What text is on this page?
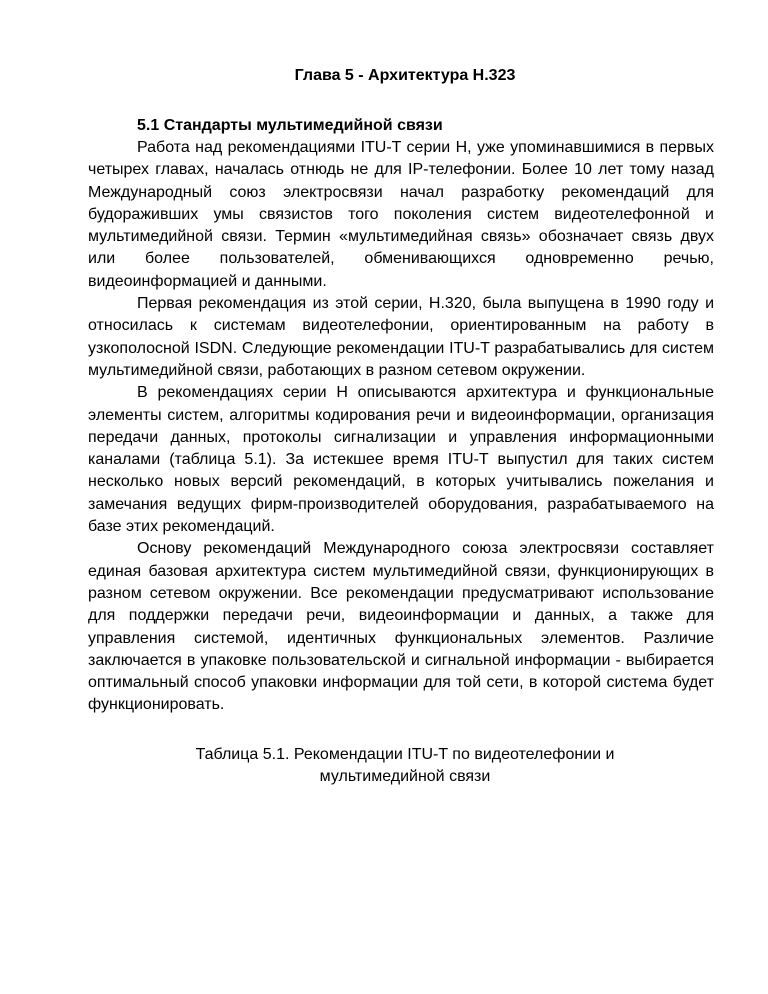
Глава 5 - Архитектура H.323
5.1 Стандарты мультимедийной связи

Работа над рекомендациями ITU-T серии H, уже упоминавшимися в первых четырех главах, началась отнюдь не для IP-телефонии. Более 10 лет тому назад Международный союз электросвязи начал разработку рекомендаций для будораживших умы связистов того поколения систем видеотелефонной и мультимедийной связи. Термин «мультимедийная связь» обозначает связь двух или более пользователей, обменивающихся одновременно речью, видеоинформацией и данными.

Первая рекомендация из этой серии, H.320, была выпущена в 1990 году и относилась к системам видеотелефонии, ориентированным на работу в узкополосной ISDN. Следующие рекомендации ITU-T разрабатывались для систем мультимедийной связи, работающих в разном сетевом окружении.

В рекомендациях серии H описываются архитектура и функциональные элементы систем, алгоритмы кодирования речи и видеоинформации, организация передачи данных, протоколы сигнализации и управления информационными каналами (таблица 5.1). За истекшее время ITU-T выпустил для таких систем несколько новых версий рекомендаций, в которых учитывались пожелания и замечания ведущих фирм-производителей оборудования, разрабатываемого на базе этих рекомендаций.

Основу рекомендаций Международного союза электросвязи составляет единая базовая архитектура систем мультимедийной связи, функционирующих в разном сетевом окружении. Все рекомендации предусматривают использование для поддержки передачи речи, видеоинформации и данных, а также для управления системой, идентичных функциональных элементов. Различие заключается в упаковке пользовательской и сигнальной информации - выбирается оптимальный способ упаковки информации для той сети, в которой система будет функционировать.

Таблица 5.1. Рекомендации ITU-T по видеотелефонии и
мультимедийной связи
